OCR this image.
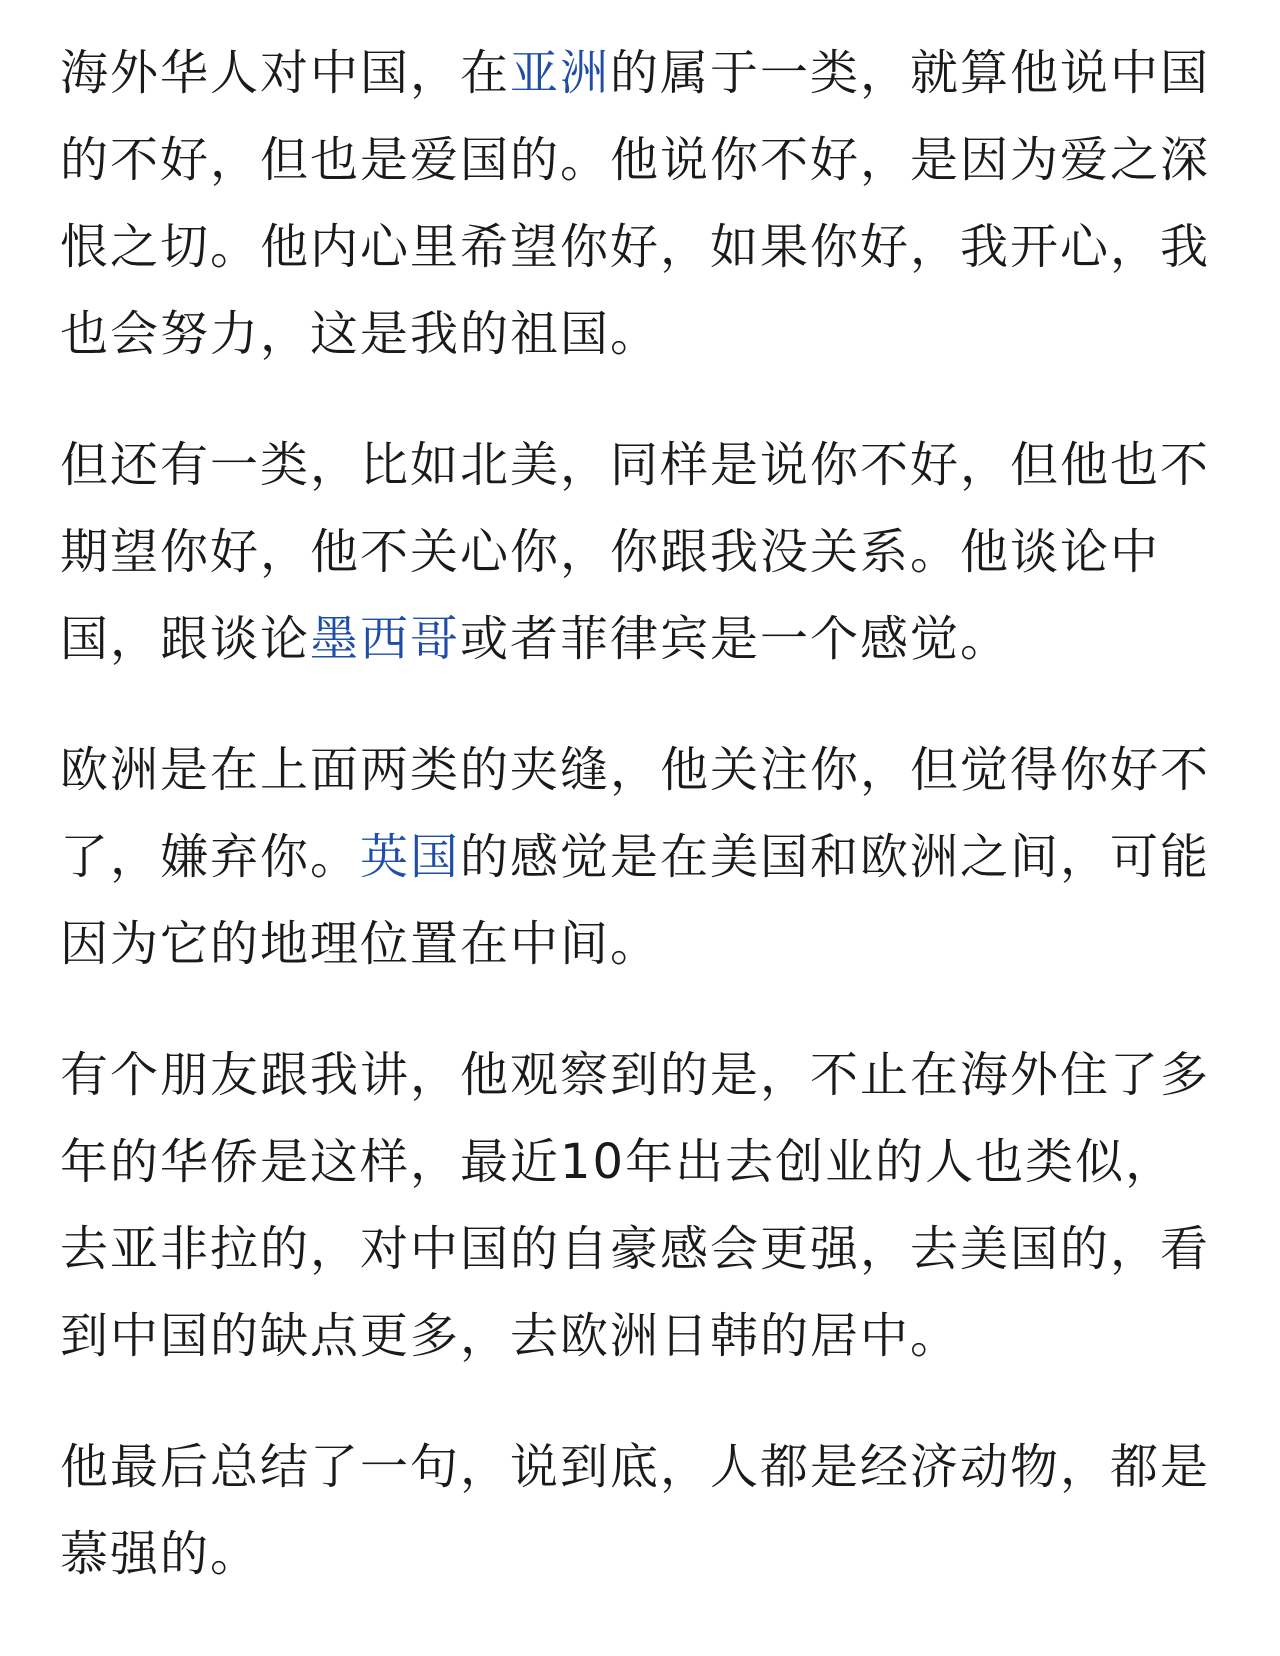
海外华人对中国，在亚洲的属于一类，就算他说中国的不好，但也是爱国的。他说你不好，是因为爱之深恨之切。他内心里希望你好，如果你好，我开心，我也会努力，这是我的祖国。

但还有一类，比如北美，同样是说你不好，但他也不期望你好，他不关心你，你跟我没关系。他谈论中国，跟谈论墨西哥或者菲律宾是一个感觉。

欧洲是在上面两类的夹缝，他关注你，但觉得你好不了，嫌弃你。英国的感觉是在美国和欧洲之间，可能因为它的地理位置在中间。

有个朋友跟我讲，他观察到的是，不止在海外住了多年的华侨是这样，最近10年出去创业的人也类似，去亚非拉的，对中国的自豪感会更强，去美国的，看到中国的缺点更多，去欧洲日韩的居中。

他最后总结了一句，说到底，人都是经济动物，都是慕强的。
